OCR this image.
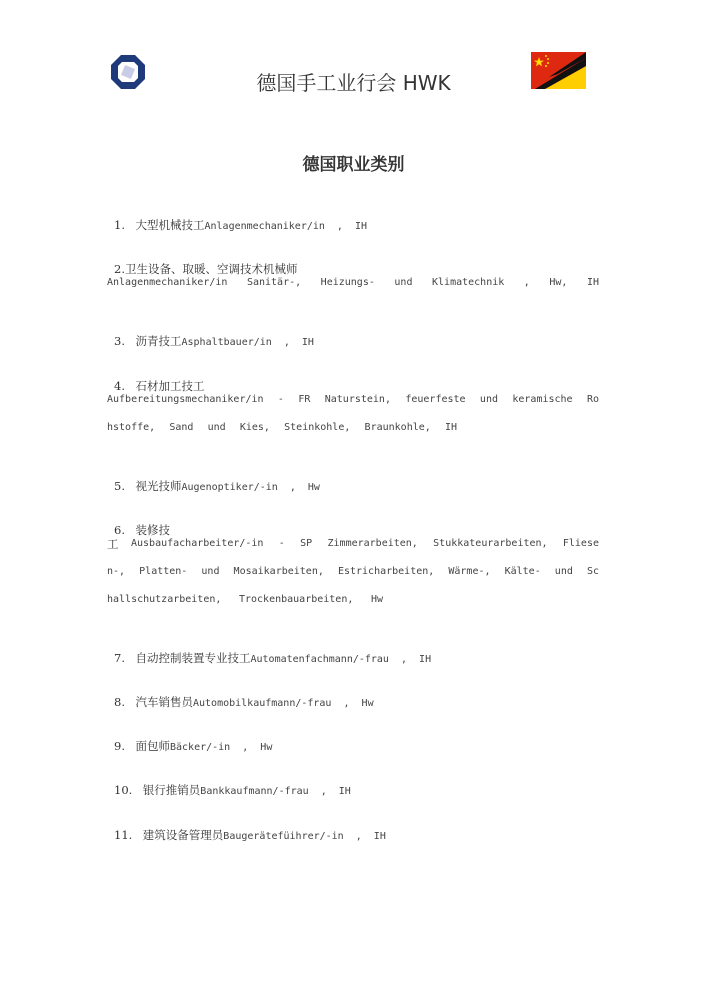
德国手工业行会 HWK
德国职业类别

1. 大型机械技工Anlagenmechaniker/in  ,  IH

2.卫生设备、取暖、空调技术机械师

Anlagenmechaniker/in Sanitär-, Heizungs- und Klimatechnik , Hw, IH

3. 沥青技工Asphaltbauer/in  ,  IH

4. 石材加工技工

Aufbereitungsmechaniker/in - FR Naturstein, feuerfeste und keramische Ro
hstoffe, Sand und Kies, Steinkohle, Braunkohle, IH

5. 视光技师Augenoptiker/-in  ,  Hw

6. 装修技

工	Ausbaufacharbeiter/-in - SP Zimmerarbeiten, Stukkateurarbeiten, Fliese
n-, Platten- und Mosaikarbeiten, Estricharbeiten, Wärme-, Kälte- und Sc
hallschutzarbeiten, Trockenbauarbeiten, Hw

7. 自动控制装置专业技工Automatenfachmann/-frau  ,  IH

8. 汽车销售员Automobilkaufmann/-frau  ,  Hw

9. 面包师Bäcker/-in  ,  Hw

10. 银行推销员Bankkaufmann/-frau  ,  IH

11. 建筑设备管理员Baugerätefüihrer/-in  ,  IH
